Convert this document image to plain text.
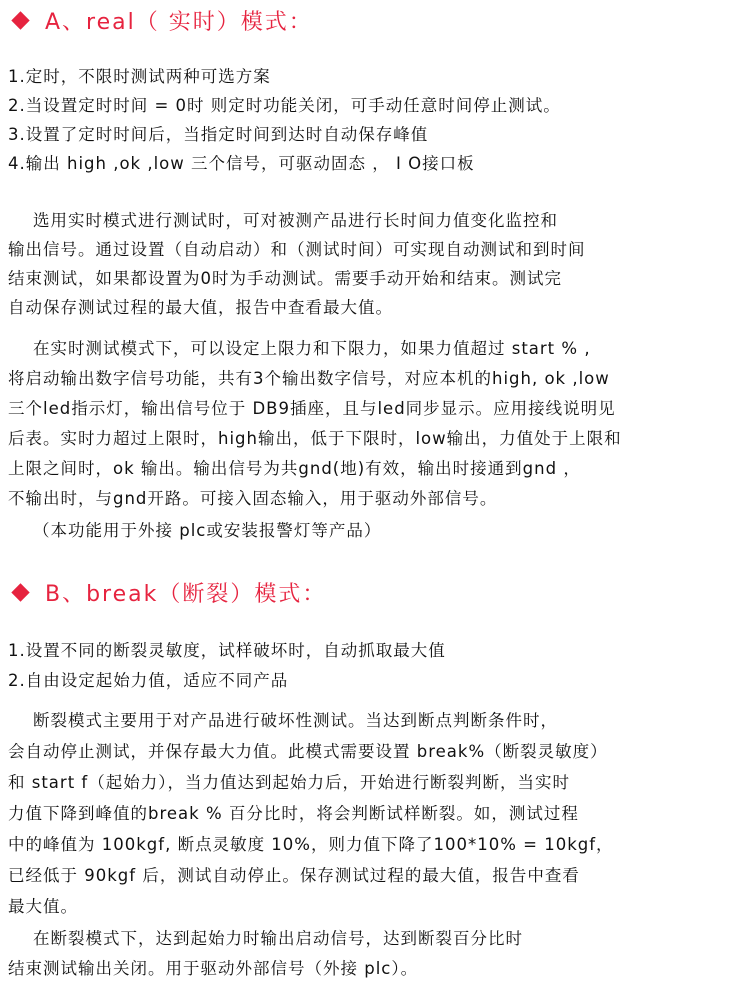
A、real（ 实时）模式：
1.定时，不限时测试两种可选方案
2.当设置定时时间 = 0时 则定时功能关闭，可手动任意时间停止测试。
3.设置了定时时间后，当指定时间到达时自动保存峰值
4.输出 high ,ok ,low 三个信号，可驱动固态 ， I O接口板
选用实时模式进行测试时，可对被测产品进行长时间力值变化监控和
输出信号。通过设置（自动启动）和（测试时间）可实现自动测试和到时间
结束测试，如果都设置为0时为手动测试。需要手动开始和结束。测试完
自动保存测试过程的最大值，报告中查看最大值。
在实时测试模式下，可以设定上限力和下限力，如果力值超过 start % ,
将启动输出数字信号功能，共有3个输出数字信号，对应本机的high, ok ,low
三个led指示灯，输出信号位于 DB9插座，且与led同步显示。应用接线说明见
后表。实时力超过上限时，high输出，低于下限时，low输出，力值处于上限和
上限之间时，ok 输出。输出信号为共gnd(地)有效，输出时接通到gnd ，
不输出时，与gnd开路。可接入固态输入，用于驱动外部信号。
（本功能用于外接 plc或安装报警灯等产品）
B、break（断裂）模式：
1.设置不同的断裂灵敏度，试样破坏时，自动抓取最大值
2.自由设定起始力值，适应不同产品
断裂模式主要用于对产品进行破坏性测试。当达到断点判断条件时，
会自动停止测试，并保存最大力值。此模式需要设置 break%（断裂灵敏度）
和 start f（起始力），当力值达到起始力后，开始进行断裂判断，当实时
力值下降到峰值的break % 百分比时，将会判断试样断裂。如，测试过程
中的峰值为 100kgf, 断点灵敏度 10%，则力值下降了100*10% = 10kgf，
已经低于 90kgf 后，测试自动停止。保存测试过程的最大值，报告中查看
最大值。
在断裂模式下，达到起始力时输出启动信号，达到断裂百分比时
结束测试输出关闭。用于驱动外部信号（外接 plc）。
